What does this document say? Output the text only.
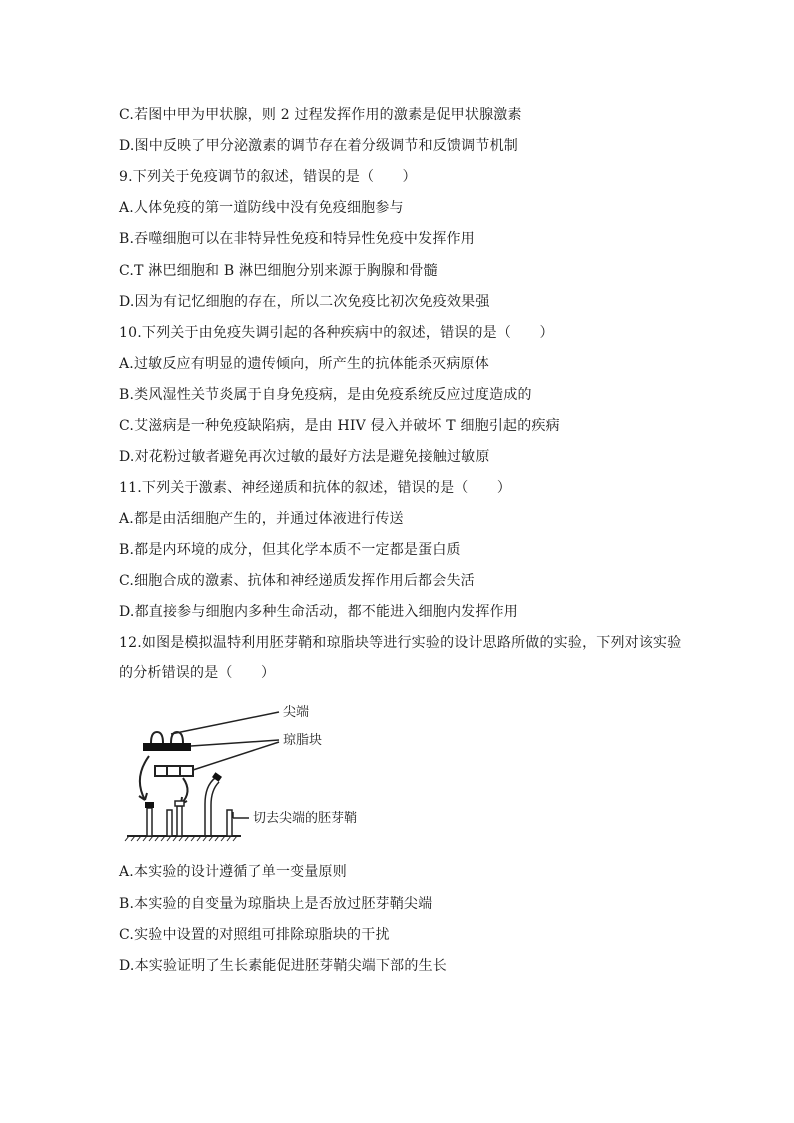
C.若图中甲为甲状腺，则 2 过程发挥作用的激素是促甲状腺激素
D.图中反映了甲分泌激素的调节存在着分级调节和反馈调节机制
9.下列关于免疫调节的叙述，错误的是（　　）
A.人体免疫的第一道防线中没有免疫细胞参与
B.吞噬细胞可以在非特异性免疫和特异性免疫中发挥作用
C.T 淋巴细胞和 B 淋巴细胞分别来源于胸腺和骨髓
D.因为有记忆细胞的存在，所以二次免疫比初次免疫效果强
10.下列关于由免疫失调引起的各种疾病中的叙述，错误的是（　　）
A.过敏反应有明显的遗传倾向，所产生的抗体能杀灭病原体
B.类风湿性关节炎属于自身免疫病，是由免疫系统反应过度造成的
C.艾滋病是一种免疫缺陷病，是由 HIV 侵入并破坏 T 细胞引起的疾病
D.对花粉过敏者避免再次过敏的最好方法是避免接触过敏原
11.下列关于激素、神经递质和抗体的叙述，错误的是（　　）
A.都是由活细胞产生的，并通过体液进行传送
B.都是内环境的成分，但其化学本质不一定都是蛋白质
C.细胞合成的激素、抗体和神经递质发挥作用后都会失活
D.都直接参与细胞内多种生命活动，都不能进入细胞内发挥作用
12.如图是模拟温特利用胚芽鞘和琼脂块等进行实验的设计思路所做的实验，下列对该实验
的分析错误的是（　　）
尖端
琼脂块
切去尖端的胚芽鞘
A.本实验的设计遵循了单一变量原则
B.本实验的自变量为琼脂块上是否放过胚芽鞘尖端
C.实验中设置的对照组可排除琼脂块的干扰
D.本实验证明了生长素能促进胚芽鞘尖端下部的生长
